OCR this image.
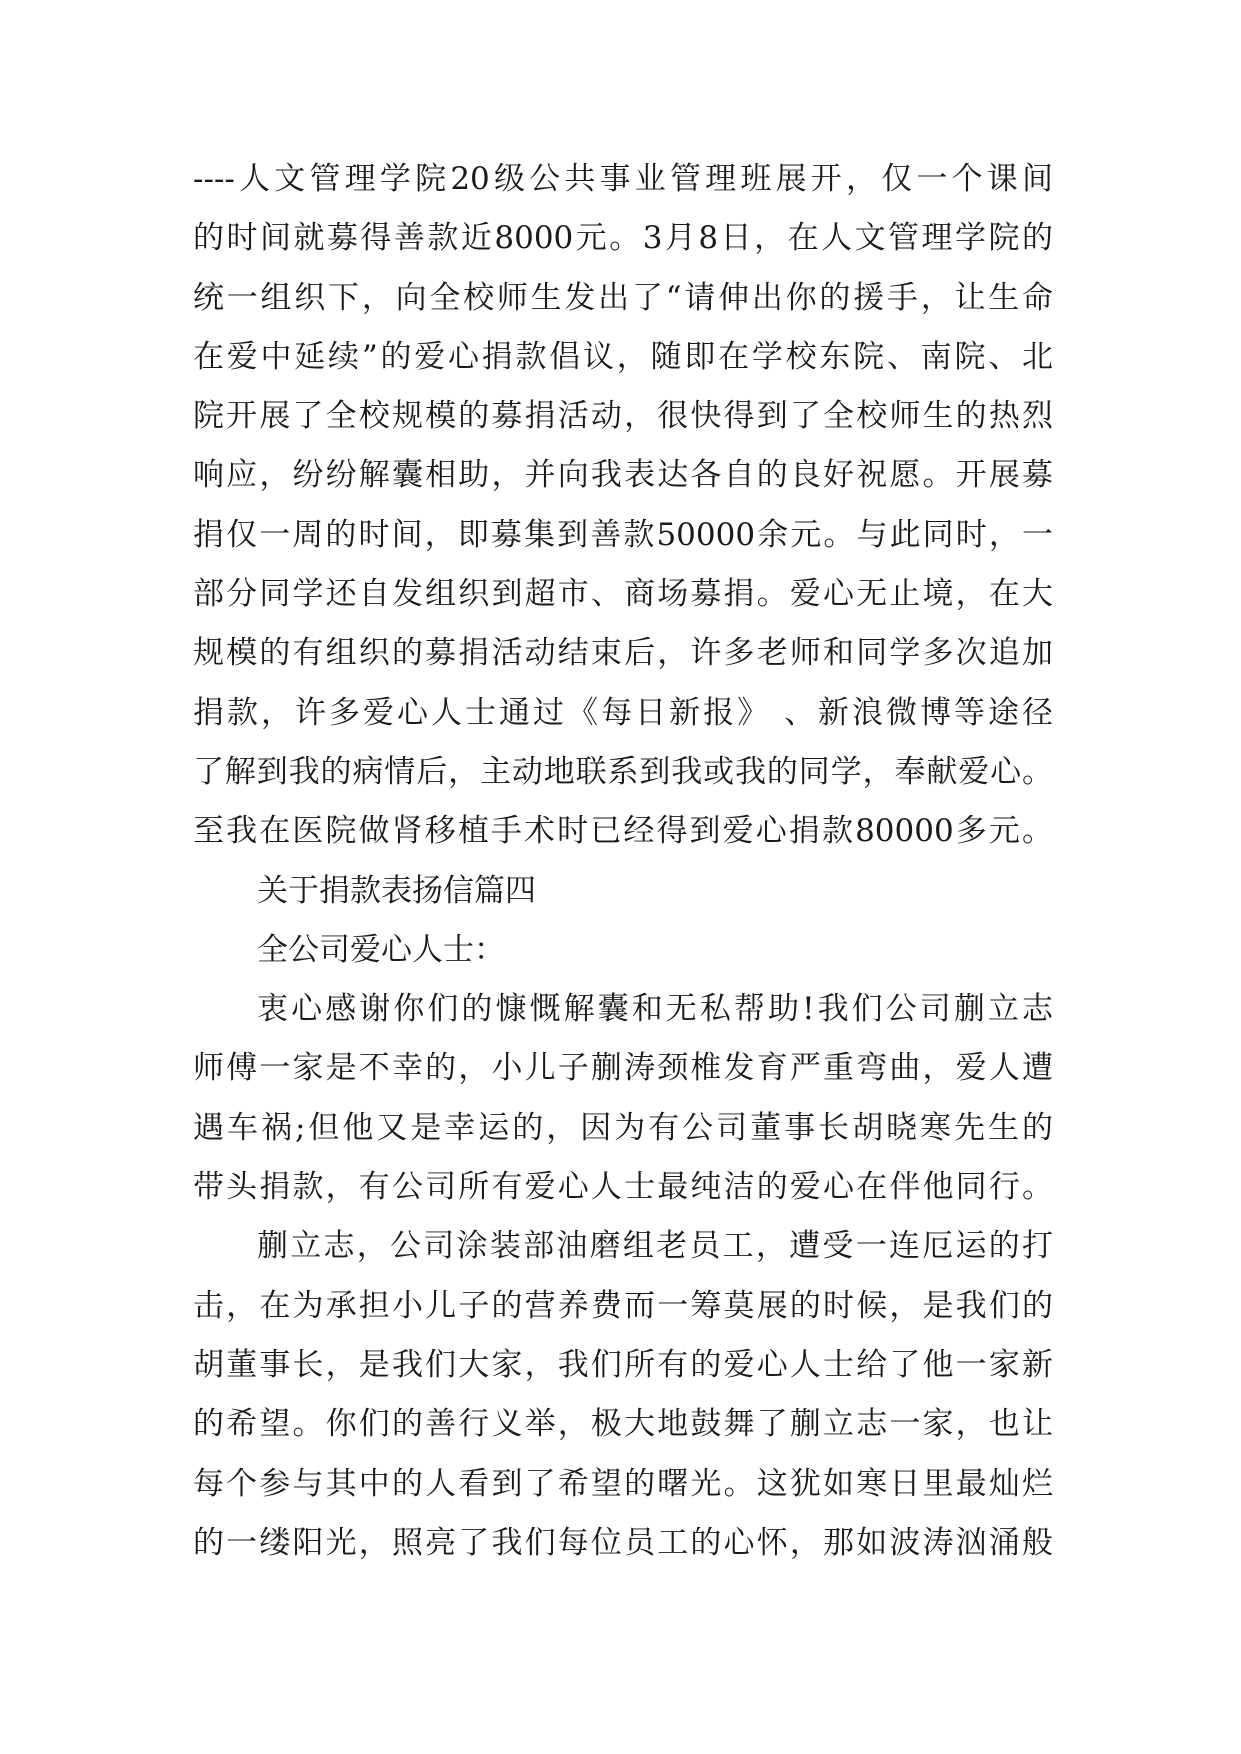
----人文管理学院20级公共事业管理班展开，仅一个课间
的时间就募得善款近8000元。3月8日，在人文管理学院的
统一组织下，向全校师生发出了“请伸出你的援手，让生命
在爱中延续”的爱心捐款倡议，随即在学校东院、南院、北
院开展了全校规模的募捐活动，很快得到了全校师生的热烈
响应，纷纷解囊相助，并向我表达各自的良好祝愿。开展募
捐仅一周的时间，即募集到善款50000余元。与此同时，一
部分同学还自发组织到超市、商场募捐。爱心无止境，在大
规模的有组织的募捐活动结束后，许多老师和同学多次追加
捐款，许多爱心人士通过《每日新报》 、新浪微博等途径
了解到我的病情后，主动地联系到我或我的同学，奉献爱心。
至我在医院做肾移植手术时已经得到爱心捐款80000多元。
关于捐款表扬信篇四
全公司爱心人士：
衷心感谢你们的慷慨解囊和无私帮助!我们公司蒯立志
师傅一家是不幸的，小儿子蒯涛颈椎发育严重弯曲，爱人遭
遇车祸;但他又是幸运的，因为有公司董事长胡晓寒先生的
带头捐款，有公司所有爱心人士最纯洁的爱心在伴他同行。
蒯立志，公司涂装部油磨组老员工，遭受一连厄运的打
击，在为承担小儿子的营养费而一筹莫展的时候，是我们的
胡董事长，是我们大家，我们所有的爱心人士给了他一家新
的希望。你们的善行义举，极大地鼓舞了蒯立志一家，也让
每个参与其中的人看到了希望的曙光。这犹如寒日里最灿烂
的一缕阳光，照亮了我们每位员工的心怀，那如波涛汹涌般
